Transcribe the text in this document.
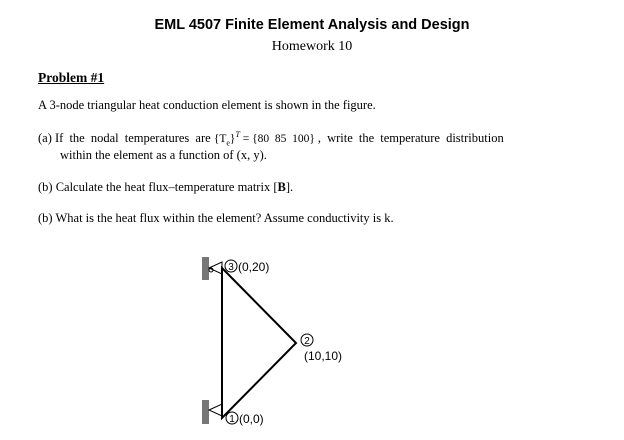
EML 4507 Finite Element Analysis and Design
Homework 10
Problem #1
A 3-node triangular heat conduction element is shown in the figure.
(a) If the nodal temperatures are $\{T_e\}^T = \{80$  85  100} , write the temperature distribution
within the element as a function of (x, y).
(b) Calculate the heat flux–temperature matrix [B].
(b) What is the heat flux within the element? Assume conductivity is k.
3
2
1
(0,20)
(10,10)
(0,0)
